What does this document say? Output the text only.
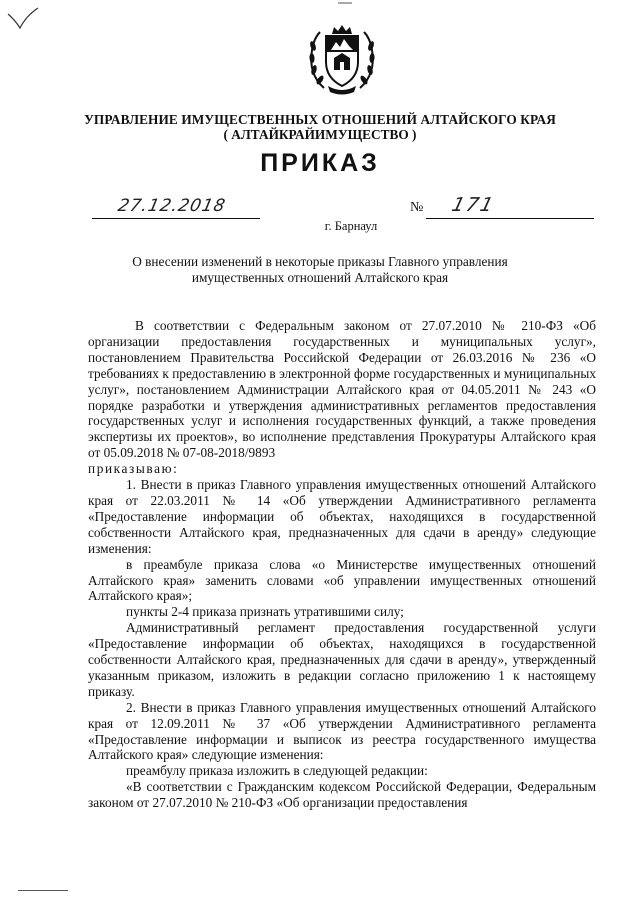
УПРАВЛЕНИЕ ИМУЩЕСТВЕННЫХ ОТНОШЕНИЙ АЛТАЙСКОГО КРАЯ
( АЛТАЙКРАЙИМУЩЕСТВО )
ПРИКАЗ
27.12.2018	№ 171
г. Барнаул
О внесении изменений в некоторые приказы Главного управления
имущественных отношений Алтайского края

В соответствии с Федеральным законом от 27.07.2010 № 210-ФЗ «Об организации предоставления государственных и муниципальных услуг», постановлением Правительства Российской Федерации от 26.03.2016 № 236 «О требованиях к предоставлению в электронной форме государственных и муниципальных услуг», постановлением Администрации Алтайского края от 04.05.2011 № 243 «О порядке разработки и утверждения административных регламентов предоставления государственных услуг и исполнения государственных функций, а также проведения экспертизы их проектов», во исполнение представления Прокуратуры Алтайского края от 05.09.2018 № 07-08-2018/9893

приказываю:

1. Внести в приказ Главного управления имущественных отношений Алтайского края от 22.03.2011 № 14 «Об утверждении Административного регламента «Предоставление информации об объектах, находящихся в государственной собственности Алтайского края, предназначенных для сдачи в аренду» следующие изменения:

в преамбуле приказа слова «о Министерстве имущественных отношений Алтайского края» заменить словами «об управлении имущественных отношений Алтайского края»;

пункты 2-4 приказа признать утратившими силу;

Административный регламент предоставления государственной услуги «Предоставление информации об объектах, находящихся в государственной собственности Алтайского края, предназначенных для сдачи в аренду», утвержденный указанным приказом, изложить в редакции согласно приложению 1 к настоящему приказу.

2. Внести в приказ Главного управления имущественных отношений Алтайского края от 12.09.2011 № 37 «Об утверждении Административного регламента «Предоставление информации и выписок из реестра государственного имущества Алтайского края» следующие изменения:

преамбулу приказа изложить в следующей редакции:

«В соответствии с Гражданским кодексом Российской Федерации, Федеральным законом от 27.07.2010 № 210-ФЗ «Об организации предоставления
